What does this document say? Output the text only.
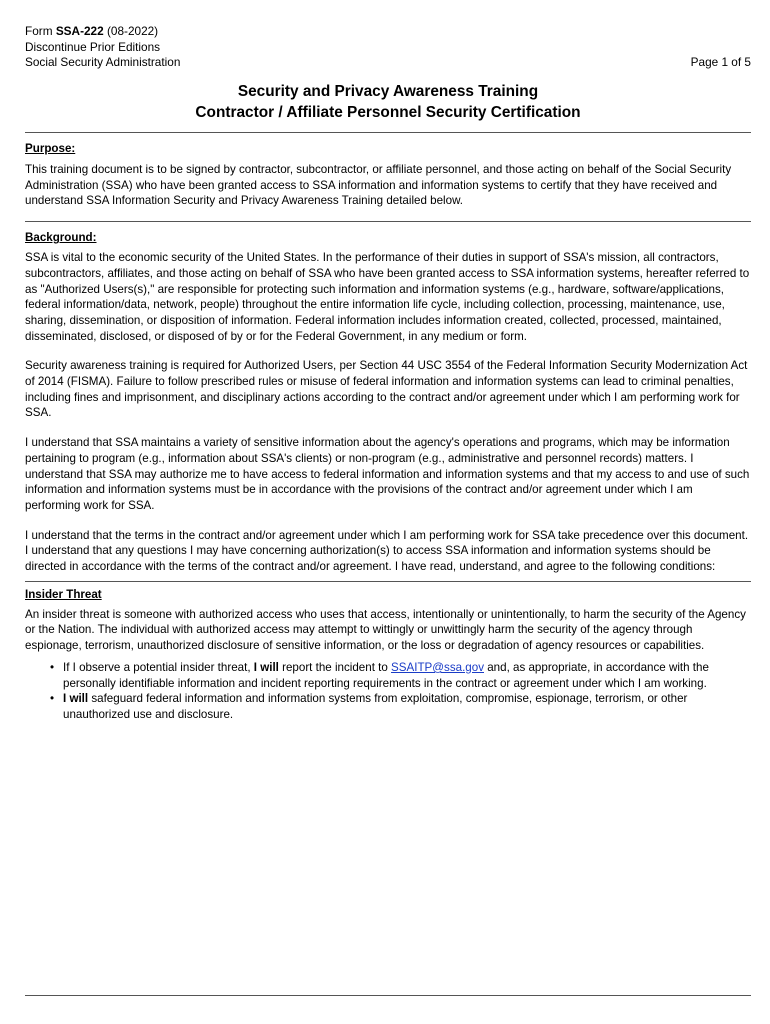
Form SSA-222 (08-2022)
Discontinue Prior Editions
Social Security Administration	Page 1 of 5
Security and Privacy Awareness Training
Contractor / Affiliate Personnel Security Certification
Purpose:

This training document is to be signed by contractor, subcontractor, or affiliate personnel, and those acting on behalf of the Social Security Administration (SSA) who have been granted access to SSA information and information systems to certify that they have received and understand SSA Information Security and Privacy Awareness Training detailed below.

Background:

SSA is vital to the economic security of the United States. In the performance of their duties in support of SSA's mission, all contractors, subcontractors, affiliates, and those acting on behalf of SSA who have been granted access to SSA information systems, hereafter referred to as "Authorized Users(s)," are responsible for protecting such information and information systems (e.g., hardware, software/applications, federal information/data, network, people) throughout the entire information life cycle, including collection, processing, maintenance, use, sharing, dissemination, or disposition of information. Federal information includes information created, collected, processed, maintained, disseminated, disclosed, or disposed of by or for the Federal Government, in any medium or form.

Security awareness training is required for Authorized Users, per Section 44 USC 3554 of the Federal Information Security Modernization Act of 2014 (FISMA). Failure to follow prescribed rules or misuse of federal information and information systems can lead to criminal penalties, including fines and imprisonment, and disciplinary actions according to the contract and/or agreement under which I am performing work for SSA.

I understand that SSA maintains a variety of sensitive information about the agency's operations and programs, which may be information pertaining to program (e.g., information about SSA's clients) or non-program (e.g., administrative and personnel records) matters. I understand that SSA may authorize me to have access to federal information and information systems and that my access to and use of such information and information systems must be in accordance with the provisions of the contract and/or agreement under which I am performing work for SSA.

I understand that the terms in the contract and/or agreement under which I am performing work for SSA take precedence over this document. I understand that any questions I may have concerning authorization(s) to access SSA information and information systems should be directed in accordance with the terms of the contract and/or agreement. I have read, understand, and agree to the following conditions:

Insider Threat

An insider threat is someone with authorized access who uses that access, intentionally or unintentionally, to harm the security of the Agency or the Nation. The individual with authorized access may attempt to wittingly or unwittingly harm the security of the agency through espionage, terrorism, unauthorized disclosure of sensitive information, or the loss or degradation of agency resources or capabilities.

• If I observe a potential insider threat, I will report the incident to SSAITP@ssa.gov and, as appropriate, in accordance with the personally identifiable information and incident reporting requirements in the contract or agreement under which I am working.
• I will safeguard federal information and information systems from exploitation, compromise, espionage, terrorism, or other unauthorized use and disclosure.
